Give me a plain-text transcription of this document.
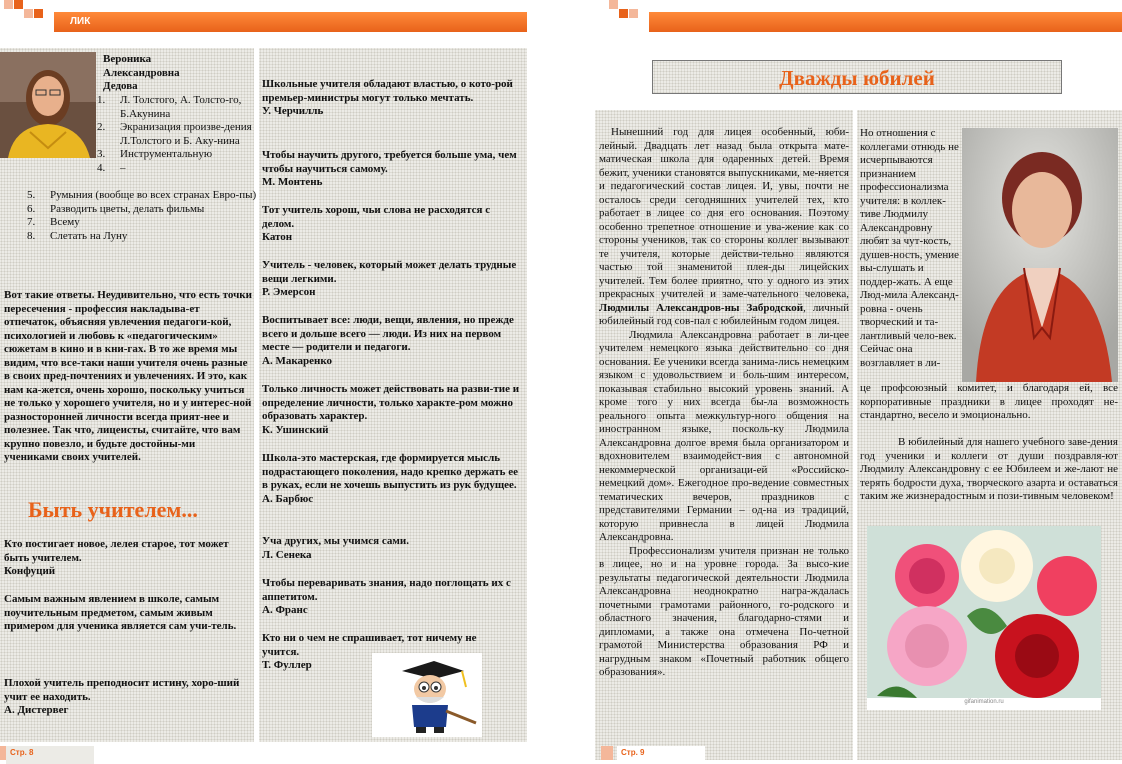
ЛИК
Вероника
Александровна
Дедова
1. Л. Толстого, А. Толсто-го, Б.Акунина
2. Экранизация произве-дения Л.Толстого и Б. Аку-нина
3. Инструментальную
4. –
5. Румыния (вообще во всех странах Евро-пы)
6. Разводить цветы, делать фильмы
7. Всему
8. Слетать на Луну

Вот такие ответы. Неудивительно, что есть точки пересечения - профессия накладыва-ет отпечаток, объясняя увлечения педагоги-кой, психологией и любовь к «педагогическим» сюжетам в кино и в кни-гах. В то же время мы видим, что все-таки наши учителя очень разные в своих пред-почтениях и увлечениях. И это, как нам ка-жется, очень хорошо, поскольку учиться не только у хорошего учителя, но и у интерес-ной разносторонней личности всегда прият-нее и полезнее. Так что, лицеисты, считайте, что вам крупно повезло, и будьте достойны-ми учениками своих учителей.

Быть учителем...

Кто постигает новое, лелея старое, тот может быть учителем.

Конфуций

Самым важным явлением в школе, самым поучительным предметом, самым живым примером для ученика является сам учи-тель.

Плохой учитель преподносит истину, хоро-ший учит ее находить.

А. Дистервег

Школьные учителя обладают властью, о кото-рой премьер-министры могут только мечтать.

У. Черчилль

Чтобы научить другого, требуется больше ума, чем чтобы научиться самому.

М. Монтень

Тот учитель хорош, чьи слова не расходятся с делом.

Катон

Учитель - человек, который может делать трудные вещи легкими.

Р. Эмерсон

Воспитывает все: люди, вещи, явления, но прежде всего и дольше всего — люди. Из них на первом месте — родители и педагоги.

А. Макаренко

Только личность может действовать на разви-тие и определение личности, только характе-ром можно образовать характер.

К. Ушинский

Школа-это мастерская, где формируется мысль подрастающего поколения, надо крепко держать ее в руках, если не хочешь выпустить из рук будущее.

А. Барбюс

Уча других, мы учимся сами.

Л. Сенека

Чтобы переваривать знания, надо поглощать их с аппетитом.

А. Франс

Кто ни о чем не спрашивает, тот ничему не учится.

Т. Фуллер

Стр. 8
Дважды юбилей

Нынешний год для лицея особенный, юби-лейный. Двадцать лет назад была открыта мате-матическая школа для одаренных детей. Время бежит, ученики становятся выпускниками, ме-няется и педагогический состав лицея. И, увы, почти не осталось среди сегодняшних учителей тех, кто работает в лицее со дня его основания. Поэтому особенно трепетное отношение и ува-жение как со стороны учеников, так со стороны коллег вызывают те учителя, которые действи-тельно являются частью той знаменитой плея-ды лицейских учителей. Тем более приятно, что у одного из этих прекрасных учителей и заме-чательного человека, Людмилы Александров-ны Забродской, личный юбилейный год сов-пал с юбилейным годом лицея.

Людмила Александровна работает в ли-цее учителем немецкого языка действительно со дня основания. Ее ученики всегда занима-лись немецким языком с удовольствием и боль-шим интересом, показывая стабильно высокий уровень знаний. А кроме того у них всегда бы-ла возможность реального опыта межкультур-ного общения на иностранном языке, посколь-ку Людмила Александровна долгое время была организатором и вдохновителем взаимодейст-вия с автономной некоммерческой организаци-ей «Российско-немецкий дом». Ежегодное про-ведение совместных тематических вечеров, праздников с представителями Германии – од-на из традиций, которую привнесла в лицей Людмила Александровна.

Профессионализм учителя признан не только в лицее, но и на уровне города. За высо-кие результаты педагогической деятельности Людмила Александровна неоднократно награ-ждалась почетными грамотами районного, го-родского и областного значения, благодарно-стями и дипломами, а также она отмечена По-четной грамотой Министерства образования РФ и нагрудным знаком «Почетный работник общего образования».

Но отношения с коллегами отнюдь не исчерпываются признанием профессионализма учителя: в коллек-тиве Людмилу Александровну любят за чут-кость, душев-ность, умение вы-слушать и поддер-жать. А еще Люд-мила Александ-ровна - очень творческий и та-лантливый чело-век. Сейчас она возглавляет в ли-

це профсоюзный комитет, и благодаря ей, все корпоративные праздники в лицее проходят не-стандартно, весело и эмоционально.

В юбилейный для нашего учебного заве-дения год ученики и коллеги от души поздравля-ют Людмилу Александровну с ее Юбилеем и же-лают не терять бодрости духа, творческого азарта и оставаться таким же жизнерадостным и пози-тивным человеком!

gifanimation.ru
Стр. 9
